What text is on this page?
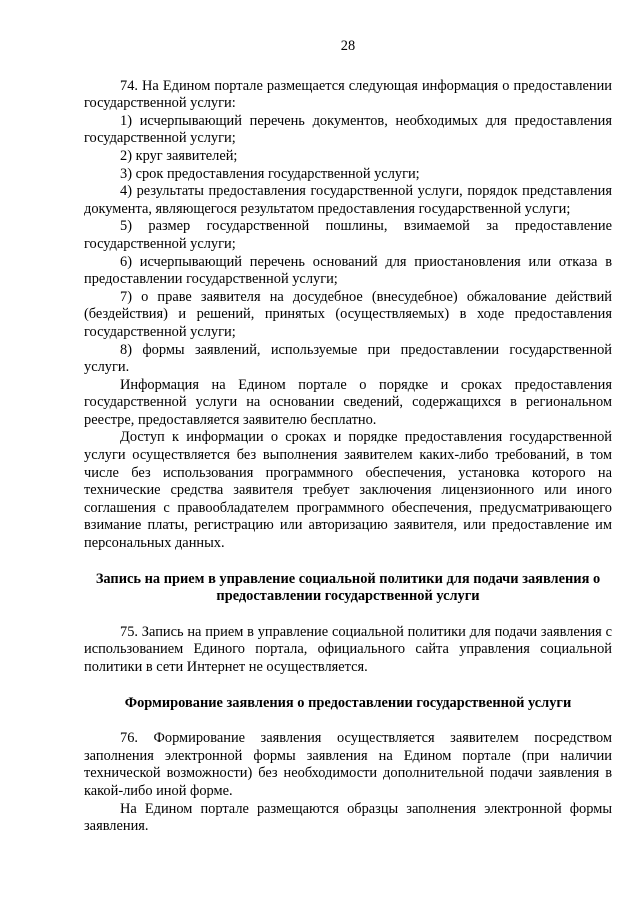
28

74. На Едином портале размещается следующая информация о предоставлении государственной услуги:

1) исчерпывающий перечень документов, необходимых для предоставления государственной услуги;

2) круг заявителей;

3) срок предоставления государственной услуги;

4) результаты предоставления государственной услуги, порядок представления документа, являющегося результатом предоставления государственной услуги;

5) размер государственной пошлины, взимаемой за предоставление государственной услуги;

6) исчерпывающий перечень оснований для приостановления или отказа в предоставлении государственной услуги;

7) о праве заявителя на досудебное (внесудебное) обжалование действий (бездействия) и решений, принятых (осуществляемых) в ходе предоставления государственной услуги;

8) формы заявлений, используемые при предоставлении государственной услуги.

Информация на Едином портале о порядке и сроках предоставления государственной услуги на основании сведений, содержащихся в региональном реестре, предоставляется заявителю бесплатно.

Доступ к информации о сроках и порядке предоставления государственной услуги осуществляется без выполнения заявителем каких-либо требований, в том числе без использования программного обеспечения, установка которого на технические средства заявителя требует заключения лицензионного или иного соглашения с правообладателем программного обеспечения, предусматривающего взимание платы, регистрацию или авторизацию заявителя, или предоставление им персональных данных.

Запись на прием в управление социальной политики для подачи заявления о предоставлении государственной услуги

75. Запись на прием в управление социальной политики для подачи заявления с использованием Единого портала, официального сайта управления социальной политики в сети Интернет не осуществляется.

Формирование заявления о предоставлении государственной услуги

76. Формирование заявления осуществляется заявителем посредством заполнения электронной формы заявления на Едином портале (при наличии технической возможности) без необходимости дополнительной подачи заявления в какой-либо иной форме.

На Едином портале размещаются образцы заполнения электронной формы заявления.
